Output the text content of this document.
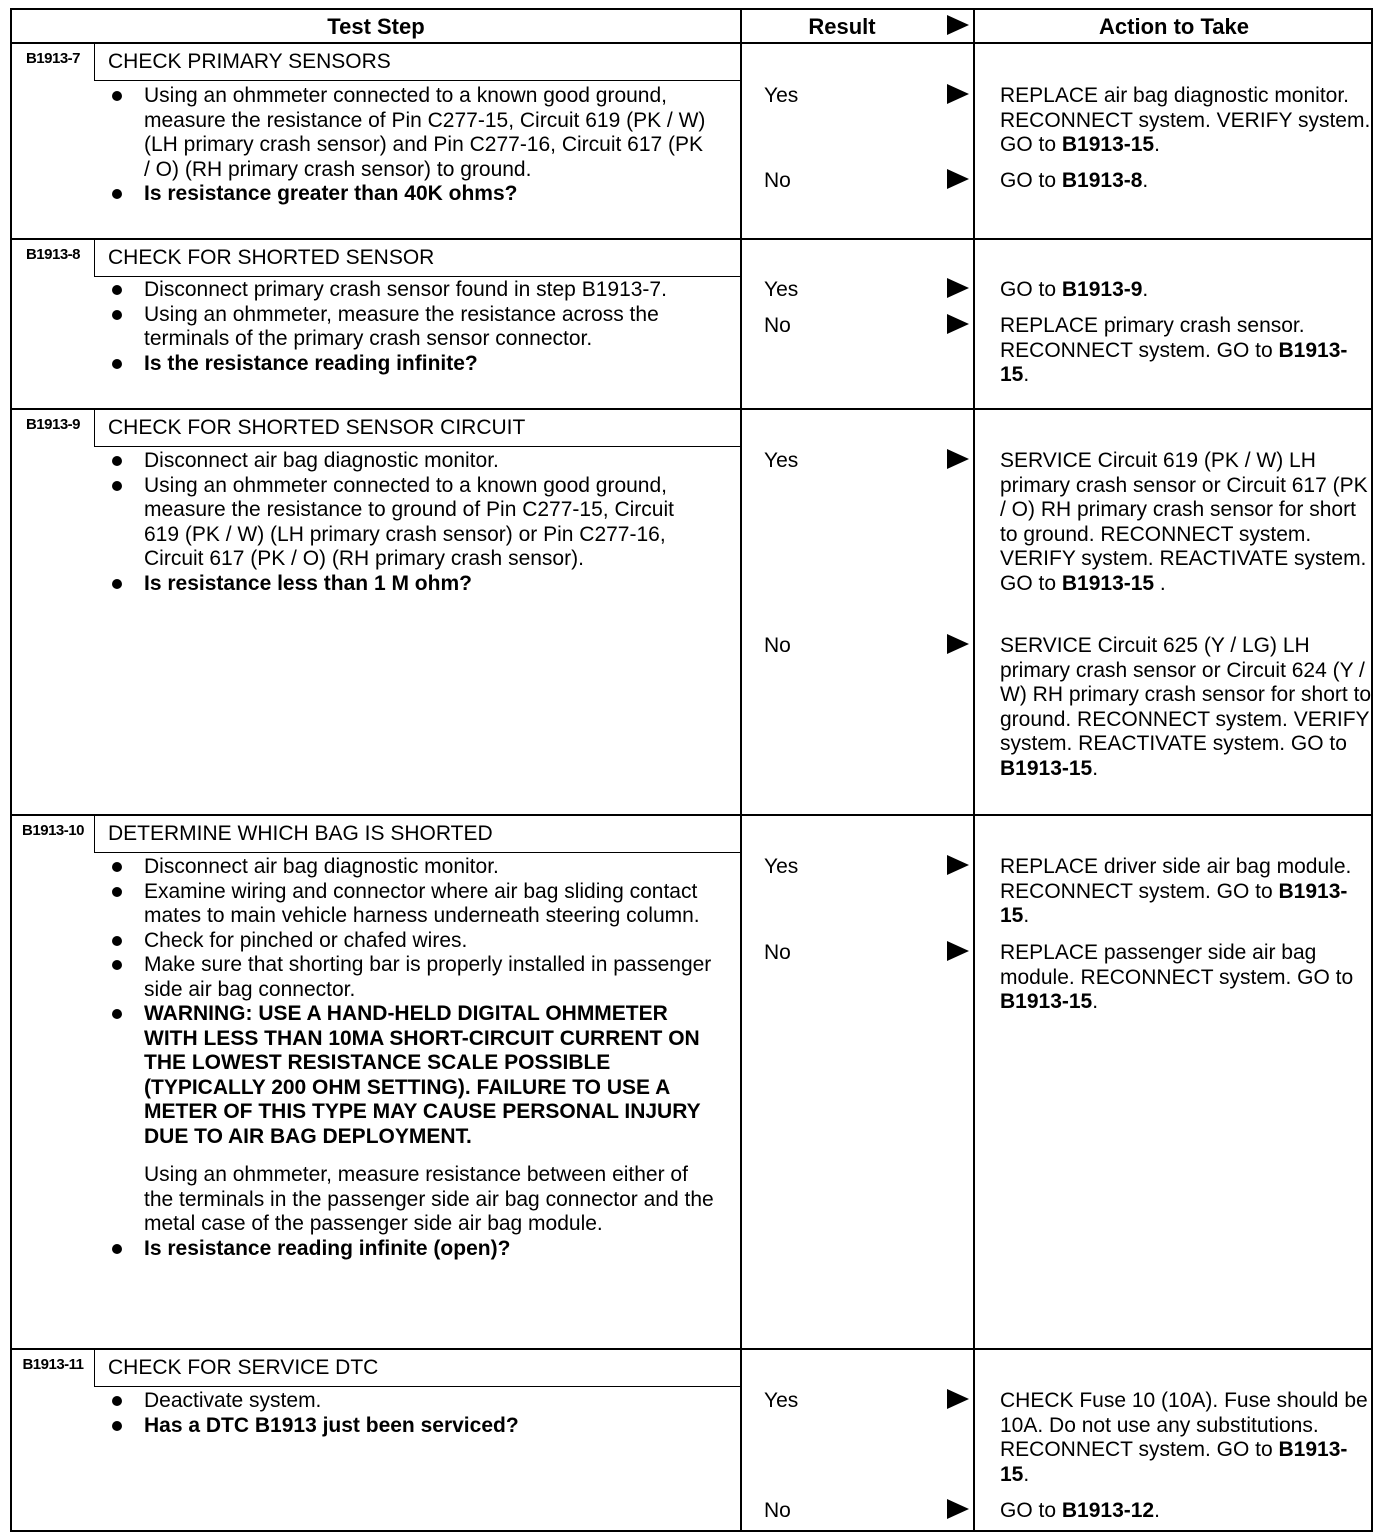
Test Step	Result	Action to Take
B1913-7	CHECK PRIMARY SENSORS
Using an ohmmeter connected to a known good ground, measure the resistance of Pin C277-15, Circuit 619 (PK / W) (LH primary crash sensor) and Pin C277-16, Circuit 617 (PK / O) (RH primary crash sensor) to ground.
Is resistance greater than 40K ohms?
Yes	REPLACE air bag diagnostic monitor. RECONNECT system. VERIFY system. GO to B1913-15.
No	GO to B1913-8.
B1913-8	CHECK FOR SHORTED SENSOR
Disconnect primary crash sensor found in step B1913-7.
Using an ohmmeter, measure the resistance across the terminals of the primary crash sensor connector.
Is the resistance reading infinite?
Yes	GO to B1913-9.
No	REPLACE primary crash sensor. RECONNECT system. GO to B1913-15.
B1913-9	CHECK FOR SHORTED SENSOR CIRCUIT
Disconnect air bag diagnostic monitor.
Using an ohmmeter connected to a known good ground, measure the resistance to ground of Pin C277-15, Circuit 619 (PK / W) (LH primary crash sensor) or Pin C277-16, Circuit 617 (PK / O) (RH primary crash sensor).
Is resistance less than 1 M ohm?
Yes	SERVICE Circuit 619 (PK / W) LH primary crash sensor or Circuit 617 (PK / O) RH primary crash sensor for short to ground. RECONNECT system. VERIFY system. REACTIVATE system. GO to B1913-15 .
No	SERVICE Circuit 625 (Y / LG) LH primary crash sensor or Circuit 624 (Y / W) RH primary crash sensor for short to ground. RECONNECT system. VERIFY system. REACTIVATE system. GO to B1913-15.
B1913-10	DETERMINE WHICH BAG IS SHORTED
Disconnect air bag diagnostic monitor.
Examine wiring and connector where air bag sliding contact mates to main vehicle harness underneath steering column.
Check for pinched or chafed wires.
Make sure that shorting bar is properly installed in passenger side air bag connector.
WARNING: USE A HAND-HELD DIGITAL OHMMETER WITH LESS THAN 10MA SHORT-CIRCUIT CURRENT ON THE LOWEST RESISTANCE SCALE POSSIBLE (TYPICALLY 200 OHM SETTING). FAILURE TO USE A METER OF THIS TYPE MAY CAUSE PERSONAL INJURY DUE TO AIR BAG DEPLOYMENT.
Using an ohmmeter, measure resistance between either of the terminals in the passenger side air bag connector and the metal case of the passenger side air bag module.
Is resistance reading infinite (open)?
Yes	REPLACE driver side air bag module. RECONNECT system. GO to B1913-15.
No	REPLACE passenger side air bag module. RECONNECT system. GO to B1913-15.
B1913-11	CHECK FOR SERVICE DTC
Deactivate system.
Has a DTC B1913 just been serviced?
Yes	CHECK Fuse 10 (10A). Fuse should be 10A. Do not use any substitutions. RECONNECT system. GO to B1913-15.
No	GO to B1913-12.
